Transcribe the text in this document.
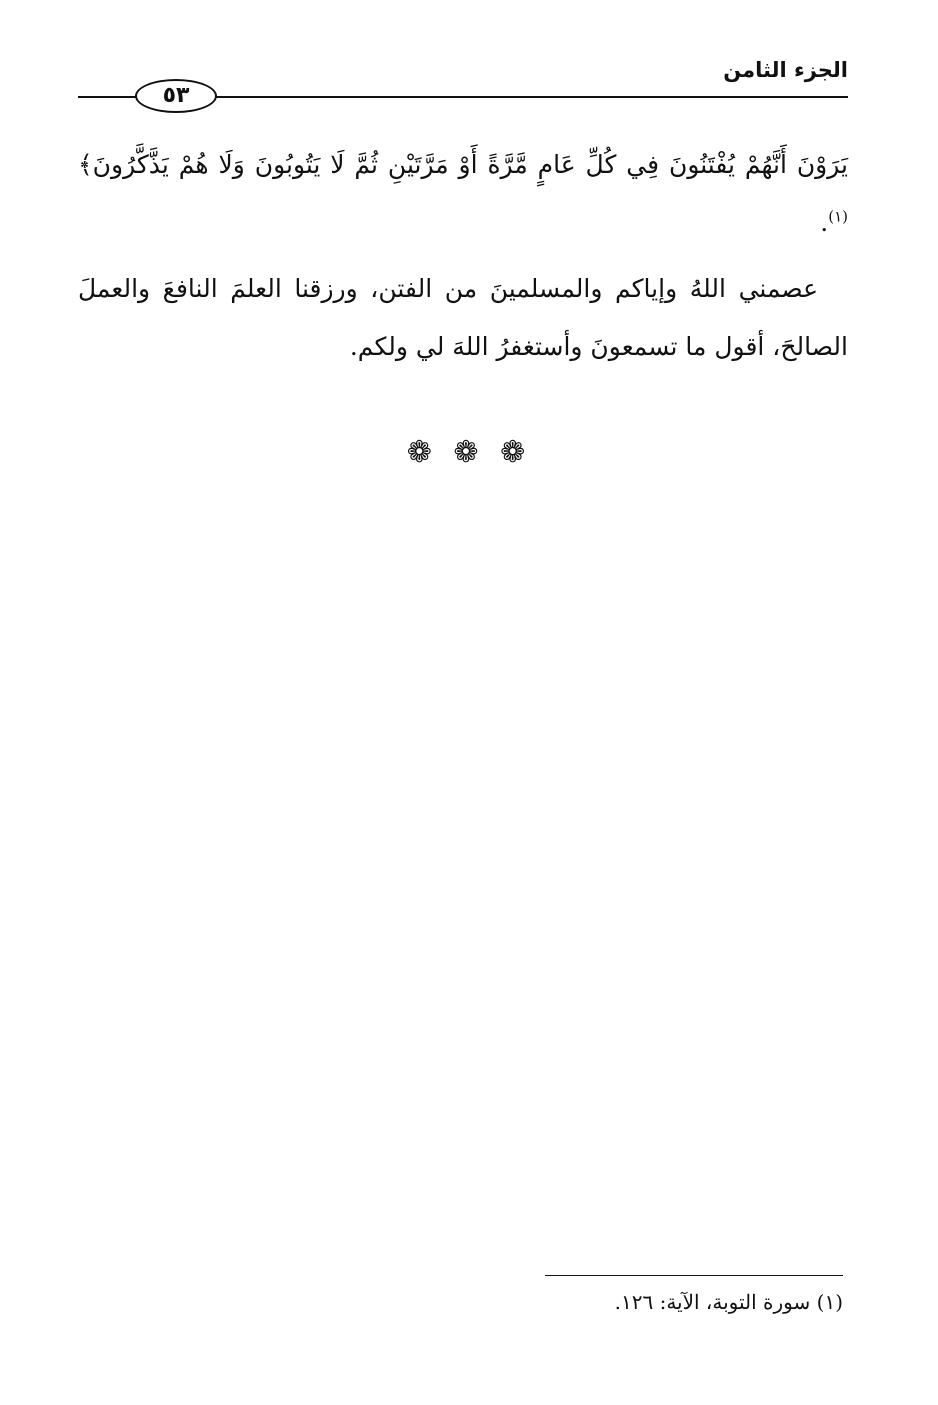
الجزء الثامن
٥٣

يَرَوْنَ أَنَّهُمْ يُفْتَنُونَ فِي كُلِّ عَامٍ مَّرَّةً أَوْ مَرَّتَيْنِ ثُمَّ لَا يَتُوبُونَ وَلَا هُمْ يَذَّكَّرُونَ﴾$^{(١)}$.

عصمني اللهُ وإياكم والمسلمينَ من الفتن، ورزقنا العلمَ النافعَ والعملَ الصالحَ، أقول ما تسمعونَ وأستغفرُ اللهَ لي ولكم.

❁ ❁ ❁
(١) سورة التوبة، الآية: ١٢٦.
